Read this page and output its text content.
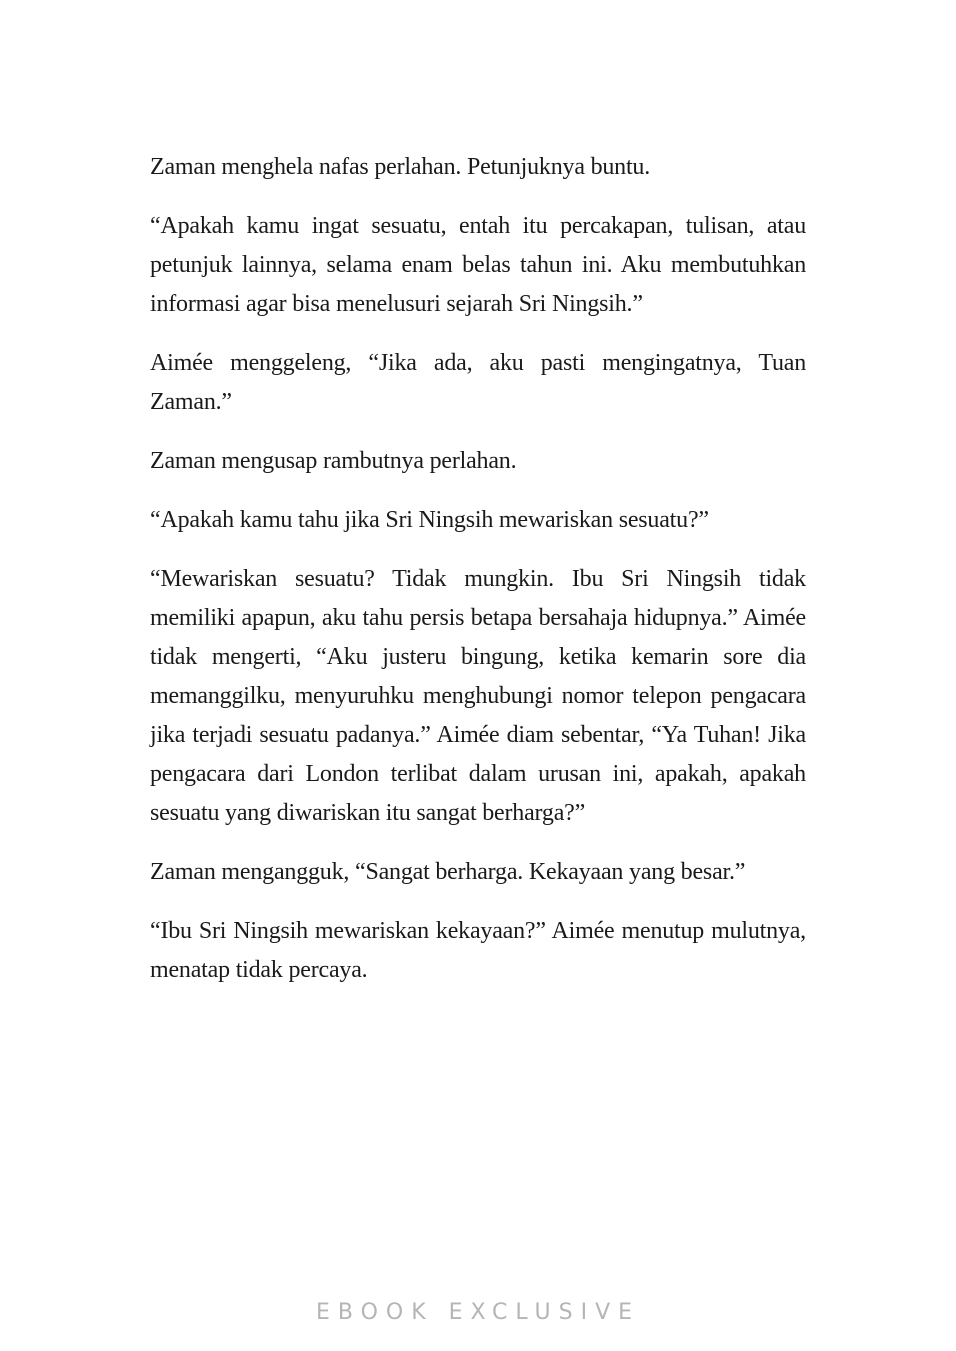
Zaman menghela nafas perlahan. Petunjuknya buntu.

“Apakah kamu ingat sesuatu, entah itu percakapan, tulisan, atau petunjuk lainnya, selama enam belas tahun ini. Aku membutuhkan informasi agar bisa menelusuri sejarah Sri Ningsih.”

Aimée menggeleng, “Jika ada, aku pasti mengingatnya, Tuan Zaman.”

Zaman mengusap rambutnya perlahan.

“Apakah kamu tahu jika Sri Ningsih mewariskan sesuatu?”

“Mewariskan sesuatu? Tidak mungkin. Ibu Sri Ningsih tidak memiliki apapun, aku tahu persis betapa bersahaja hidupnya.” Aimée tidak mengerti, “Aku justeru bingung, ketika kemarin sore dia memanggilku, menyuruhku menghubungi nomor telepon pengacara jika terjadi sesuatu padanya.” Aimée diam sebentar, “Ya Tuhan! Jika pengacara dari London terlibat dalam urusan ini, apakah, apakah sesuatu yang diwariskan itu sangat berharga?”

Zaman mengangguk, “Sangat berharga. Kekayaan yang besar.”

“Ibu Sri Ningsih mewariskan kekayaan?” Aimée menutup mulutnya, menatap tidak percaya.

EBOOK EXCLUSIVE
